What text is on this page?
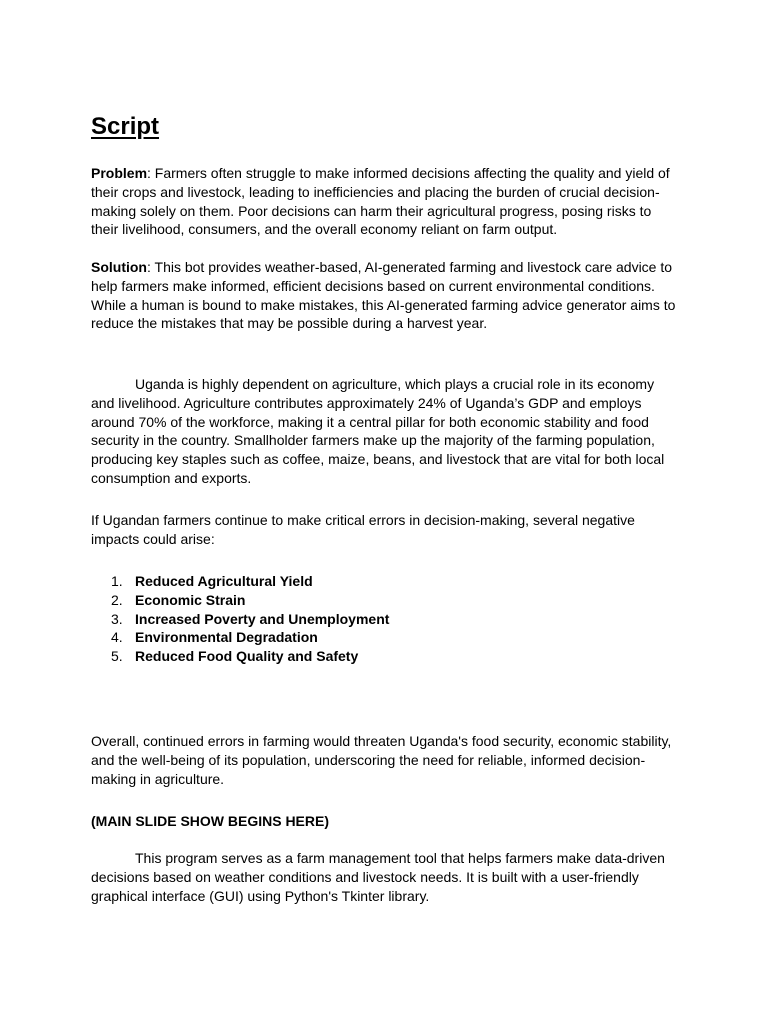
Script

Problem: Farmers often struggle to make informed decisions affecting the quality and yield of their crops and livestock, leading to inefficiencies and placing the burden of crucial decision-making solely on them. Poor decisions can harm their agricultural progress, posing risks to their livelihood, consumers, and the overall economy reliant on farm output.

Solution: This bot provides weather-based, AI-generated farming and livestock care advice to help farmers make informed, efficient decisions based on current environmental conditions. While a human is bound to make mistakes, this AI-generated farming advice generator aims to reduce the mistakes that may be possible during a harvest year.

Uganda is highly dependent on agriculture, which plays a crucial role in its economy and livelihood. Agriculture contributes approximately 24% of Uganda’s GDP and employs around 70% of the workforce, making it a central pillar for both economic stability and food security in the country. Smallholder farmers make up the majority of the farming population, producing key staples such as coffee, maize, beans, and livestock that are vital for both local consumption and exports.

If Ugandan farmers continue to make critical errors in decision-making, several negative impacts could arise:

1. Reduced Agricultural Yield
2. Economic Strain
3. Increased Poverty and Unemployment
4. Environmental Degradation
5. Reduced Food Quality and Safety

Overall, continued errors in farming would threaten Uganda's food security, economic stability, and the well-being of its population, underscoring the need for reliable, informed decision-making in agriculture.

(MAIN SLIDE SHOW BEGINS HERE)

This program serves as a farm management tool that helps farmers make data-driven decisions based on weather conditions and livestock needs. It is built with a user-friendly graphical interface (GUI) using Python's Tkinter library.
